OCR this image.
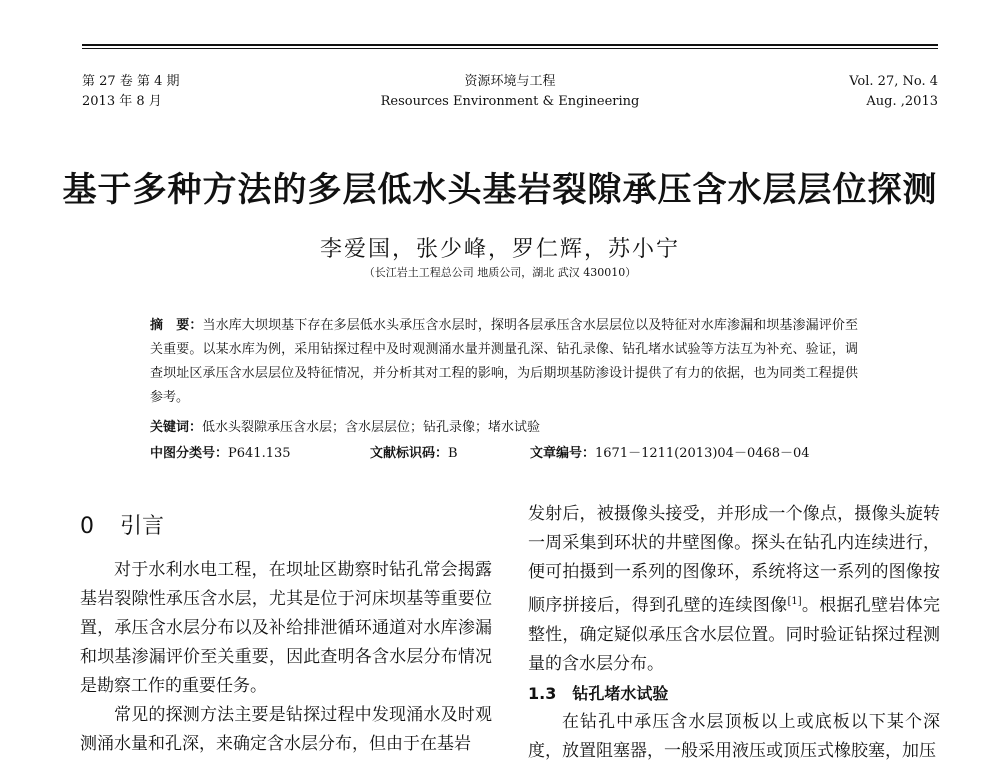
第 27 卷 第 4 期
2013 年 8 月
资源环境与工程
Resources Environment & Engineering
Vol. 27, No. 4
Aug. ,2013
基于多种方法的多层低水头基岩裂隙承压含水层层位探测
李爱国，张少峰，罗仁辉，苏小宁
（长江岩土工程总公司 地质公司，湖北 武汉 430010）
摘　要：当水库大坝坝基下存在多层低水头承压含水层时，探明各层承压含水层层位以及特征对水库渗漏和坝基渗漏评价至关重要。以某水库为例，采用钻探过程中及时观测涌水量并测量孔深、钻孔录像、钻孔堵水试验等方法互为补充、验证，调查坝址区承压含水层层位及特征情况，并分析其对工程的影响，为后期坝基防渗设计提供了有力的依据，也为同类工程提供参考。
关键词：低水头裂隙承压含水层；含水层层位；钻孔录像；堵水试验
中图分类号：P641.135	文献标识码：B	文章编号：1671－1211(2013)04－0468－04
0 引言

对于水利水电工程，在坝址区勘察时钻孔常会揭露基岩裂隙性承压含水层，尤其是位于河床坝基等重要位置，承压含水层分布以及补给排泄循环通道对水库渗漏和坝基渗漏评价至关重要，因此查明各含水层分布情况是勘察工作的重要任务。

常见的探测方法主要是钻探过程中发现涌水及时观测涌水量和孔深，来确定含水层分布，但由于在基岩

发射后，被摄像头接受，并形成一个像点，摄像头旋转一周采集到环状的井壁图像。探头在钻孔内连续进行，便可拍摄到一系列的图像环，系统将这一系列的图像按顺序拼接后，得到孔壁的连续图像[1]。根据孔壁岩体完整性，确定疑似承压含水层位置。同时验证钻探过程测量的含水层分布。

1.3 钻孔堵水试验

在钻孔中承压含水层顶板以上或底板以下某个深度，放置阻塞器，一般采用液压或顶压式橡胶塞，加压
